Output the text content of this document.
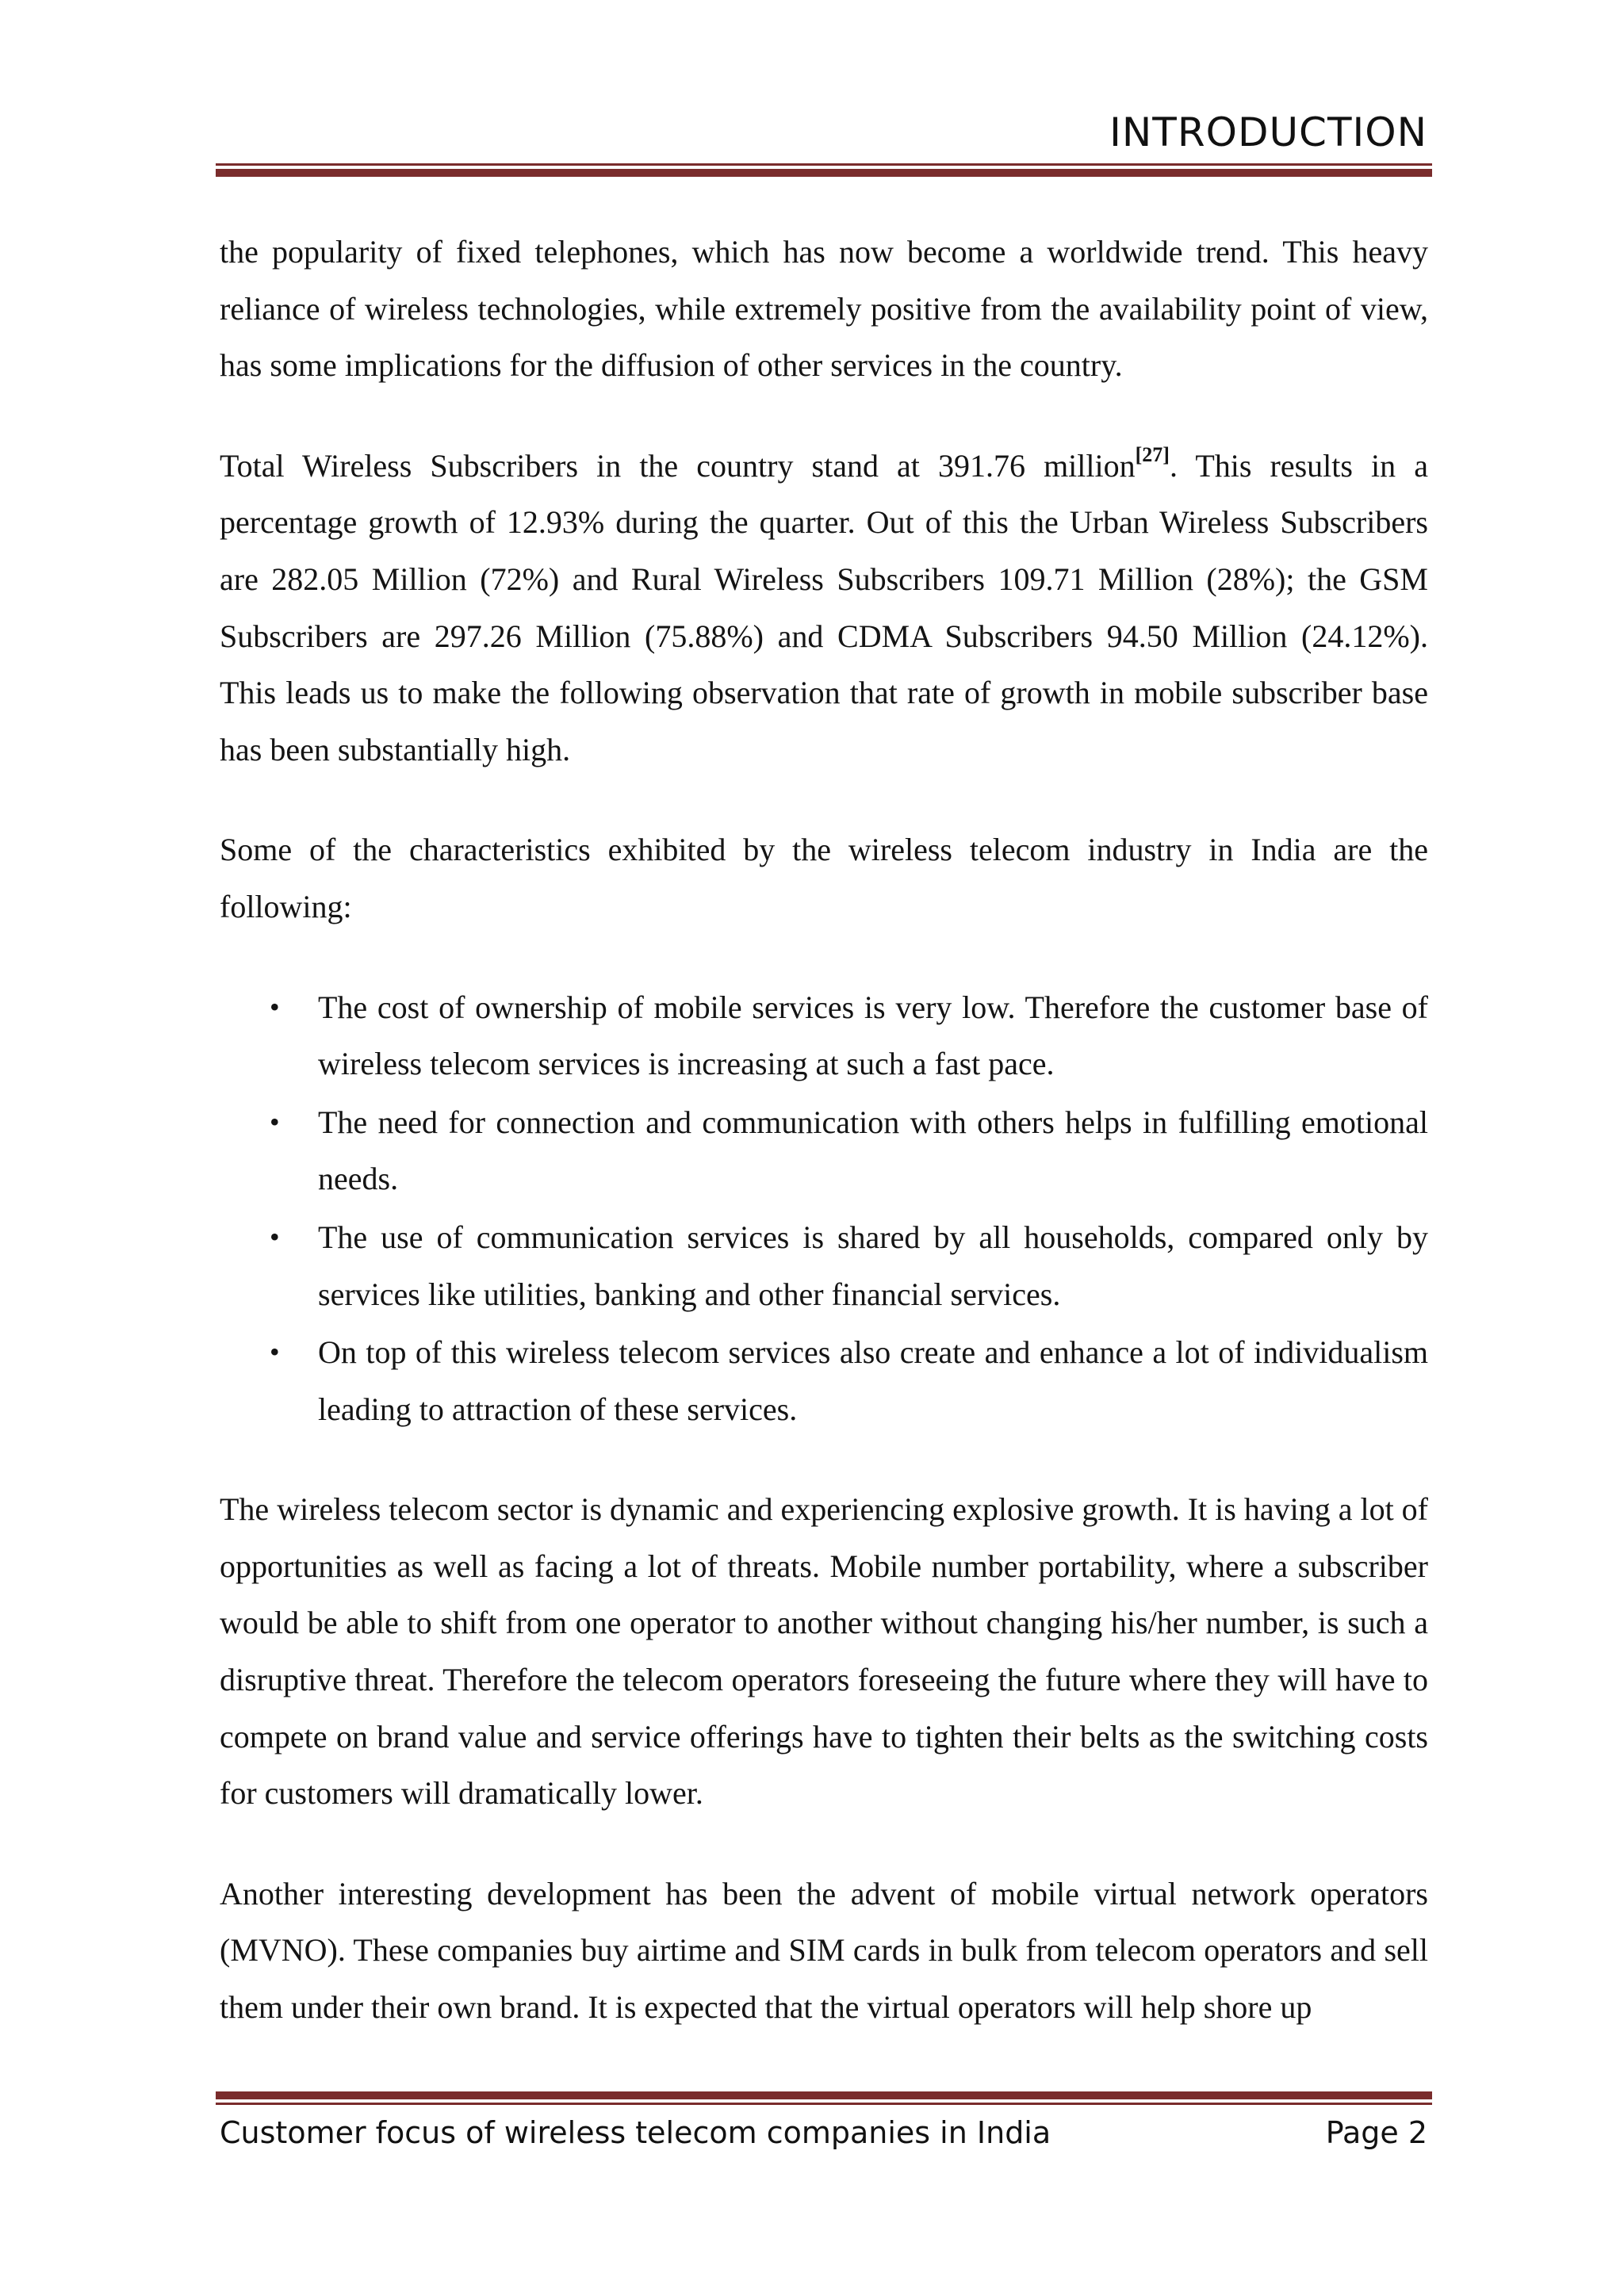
INTRODUCTION

the popularity of fixed telephones, which has now become a worldwide trend. This heavy reliance of wireless technologies, while extremely positive from the availability point of view, has some implications for the diffusion of other services in the country.

Total Wireless Subscribers in the country stand at 391.76 million[27]. This results in a percentage growth of 12.93% during the quarter. Out of this the Urban Wireless Subscribers are 282.05 Million (72%) and Rural Wireless Subscribers 109.71 Million (28%); the GSM Subscribers are 297.26 Million (75.88%) and CDMA Subscribers 94.50 Million (24.12%). This leads us to make the following observation that rate of growth in mobile subscriber base has been substantially high.

Some of the characteristics exhibited by the wireless telecom industry in India are the following:

• The cost of ownership of mobile services is very low. Therefore the customer base of wireless telecom services is increasing at such a fast pace.
• The need for connection and communication with others helps in fulfilling emotional needs.
• The use of communication services is shared by all households, compared only by services like utilities, banking and other financial services.
• On top of this wireless telecom services also create and enhance a lot of individualism leading to attraction of these services.

The wireless telecom sector is dynamic and experiencing explosive growth. It is having a lot of opportunities as well as facing a lot of threats. Mobile number portability, where a subscriber would be able to shift from one operator to another without changing his/her number, is such a disruptive threat. Therefore the telecom operators foreseeing the future where they will have to compete on brand value and service offerings have to tighten their belts as the switching costs for customers will dramatically lower.

Another interesting development has been the advent of mobile virtual network operators (MVNO). These companies buy airtime and SIM cards in bulk from telecom operators and sell them under their own brand. It is expected that the virtual operators will help shore up

Customer focus of wireless telecom companies in India	Page 2
